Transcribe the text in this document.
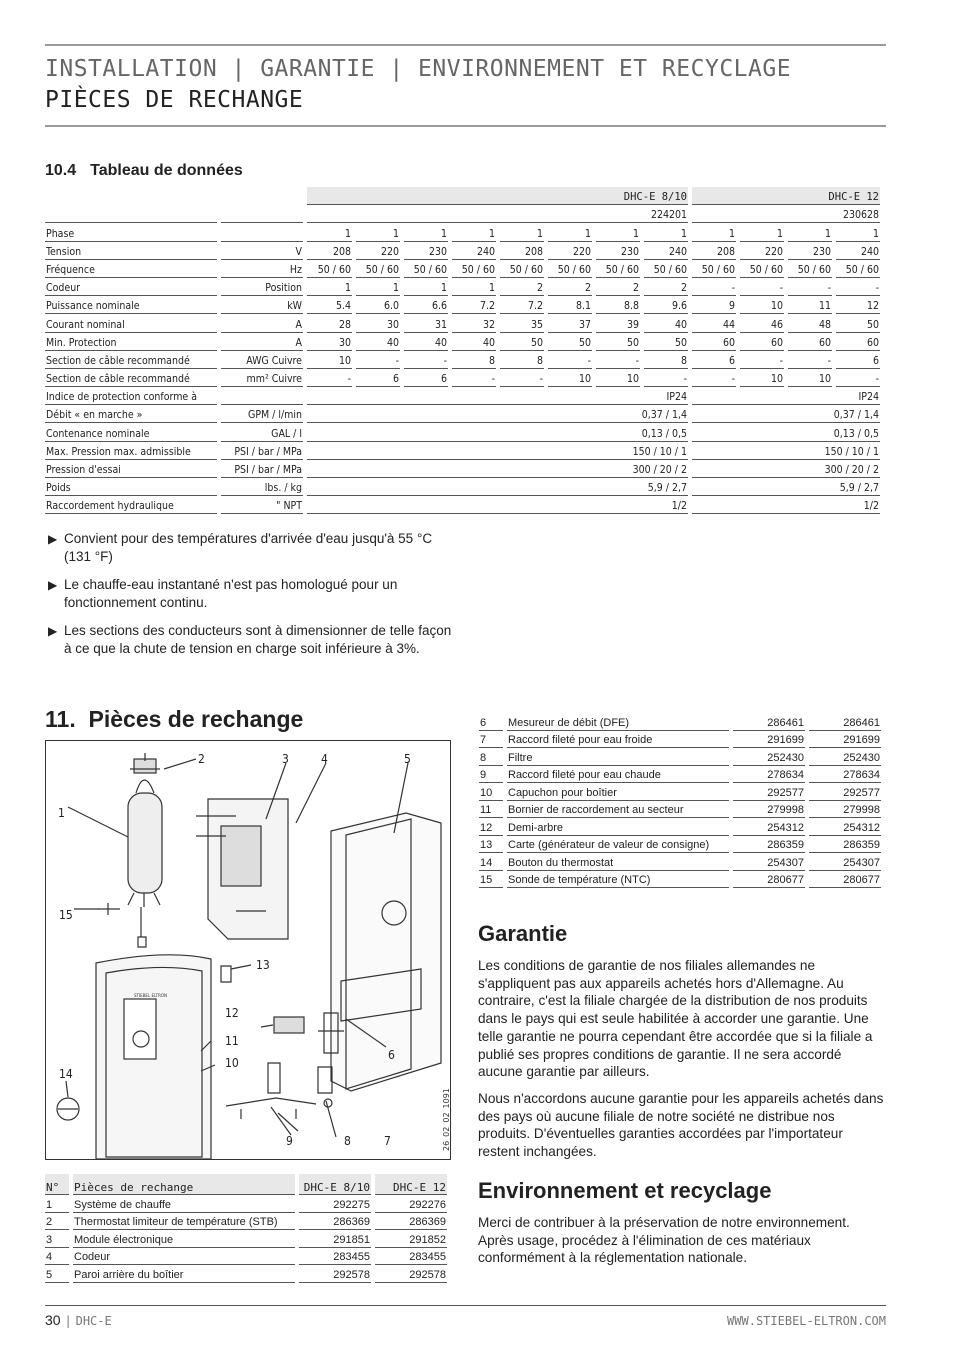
INSTALLATION | GARANTIE | ENVIRONNEMENT ET RECYCLAGE
PIÈCES DE RECHANGE
10.4 Tableau de données
		DHC-E 8/10								DHC-E 12			
		224201								230628			
Phase		1	1	1	1	1	1	1	1	1	1	1	1
Tension	V	208	220	230	240	208	220	230	240	208	220	230	240
Fréquence	Hz	50 / 60	50 / 60	50 / 60	50 / 60	50 / 60	50 / 60	50 / 60	50 / 60	50 / 60	50 / 60	50 / 60	50 / 60
Codeur	Position	1	1	1	1	2	2	2	2	-	-	-	-
Puissance nominale	kW	5.4	6.0	6.6	7.2	7.2	8.1	8.8	9.6	9	10	11	12
Courant nominal	A	28	30	31	32	35	37	39	40	44	46	48	50
Min. Protection	A	30	40	40	40	50	50	50	50	60	60	60	60
Section de câble recommandé	AWG Cuivre	10	-	-	8	8	-	-	8	6	-	-	6
Section de câble recommandé	mm² Cuivre	-	6	6	-	-	10	10	-	-	10	10	-
Indice de protection conforme à		IP24								IP24			
Débit « en marche »	GPM / l/min	0,37 / 1,4								0,37 / 1,4			
Contenance nominale	GAL / l	0,13 / 0,5								0,13 / 0,5			
Max. Pression max. admissible	PSI / bar / MPa	150 / 10 / 1								150 / 10 / 1			
Pression d'essai	PSI / bar / MPa	300 / 20 / 2								300 / 20 / 2			
Poids	lbs. / kg	5,9 / 2,7								5,9 / 2,7			
Raccordement hydraulique	" NPT	1/2								1/2			
▶ Convient pour des températures d'arrivée d'eau jusqu'à 55 °C (131 °F)
▶ Le chauffe-eau instantané n'est pas homologué pour un fonctionnement continu.
▶ Les sections des conducteurs sont à dimensionner de telle façon à ce que la chute de tension en charge soit inférieure à 3%.
11. Pièces de rechange
1
2	3	4	5
6
7
8
9
10
11
12
13
14
15
STIEBEL ELTRON
26_02_02_1091
N°	Pièces de rechange	DHC-E 8/10	DHC-E 12
1	Système de chauffe	292275	292276
2	Thermostat limiteur de température (STB)	286369	286369
3	Module électronique	291851	291852
4	Codeur	283455	283455
5	Paroi arrière du boîtier	292578	292578
6	Mesureur de débit (DFE)	286461	286461
7	Raccord fileté pour eau froide	291699	291699
8	Filtre	252430	252430
9	Raccord fileté pour eau chaude	278634	278634
10	Capuchon pour boîtier	292577	292577
11	Bornier de raccordement au secteur	279998	279998
12	Demi-arbre	254312	254312
13	Carte (générateur de valeur de consigne)	286359	286359
14	Bouton du thermostat	254307	254307
15	Sonde de température (NTC)	280677	280677
Garantie

Les conditions de garantie de nos filiales allemandes ne s'appliquent pas aux appareils achetés hors d'Allemagne. Au contraire, c'est la filiale chargée de la distribution de nos produits dans le pays qui est seule habilitée à accorder une garantie. Une telle garantie ne pourra cependant être accordée que si la filiale a publié ses propres conditions de garantie. Il ne sera accordé aucune garantie par ailleurs.

Nous n'accordons aucune garantie pour les appareils achetés dans des pays où aucune filiale de notre société ne distribue nos produits. D'éventuelles garanties accordées par l'importateur restent inchangées.

Environnement et recyclage

Merci de contribuer à la préservation de notre environnement. Après usage, procédez à l'élimination de ces matériaux conformément à la réglementation nationale.

30 | DHC-E	WWW.STIEBEL-ELTRON.COM
